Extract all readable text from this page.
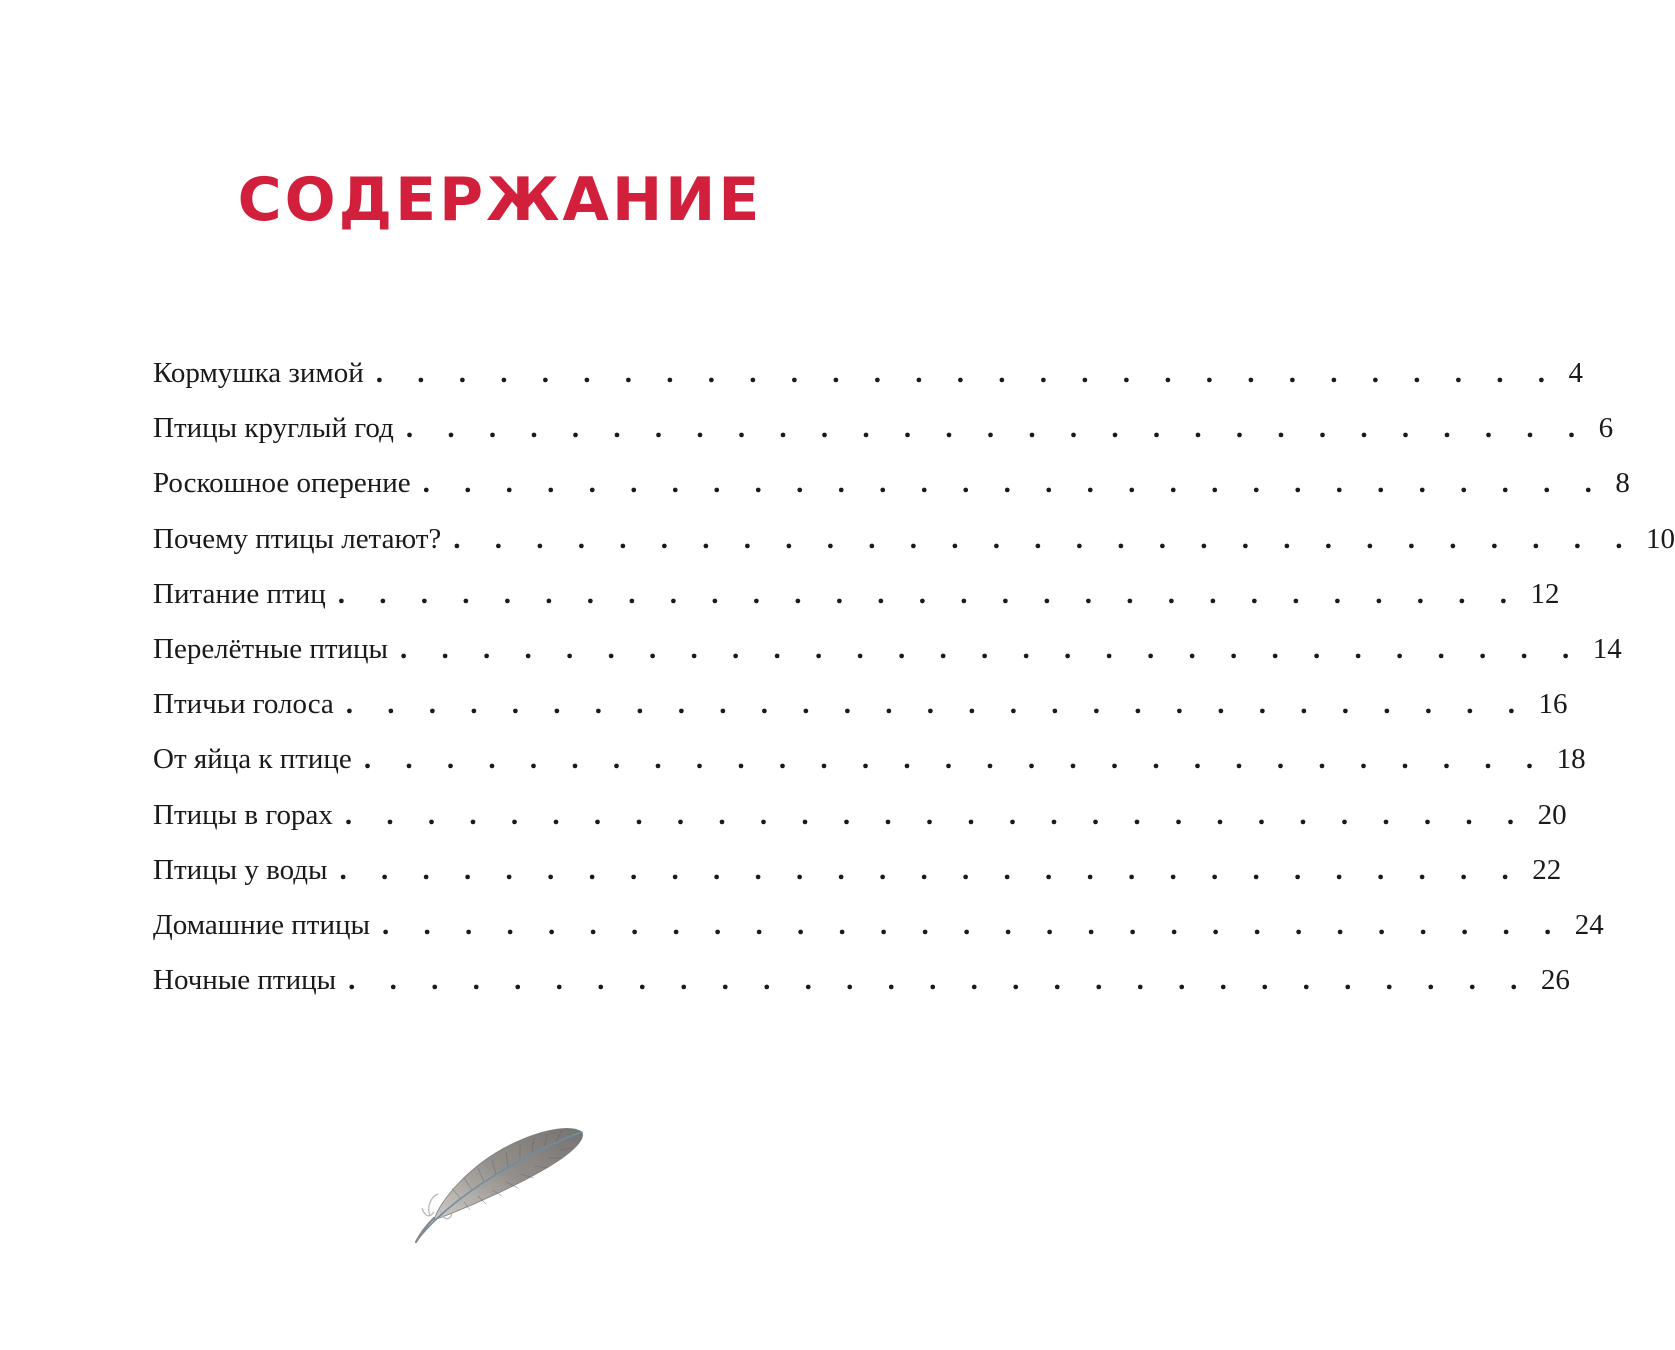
СОДЕРЖАНИЕ
Кормушка зимой . . . . . . . . . . . . . . . . . . . . . . . . . . . . . 4
Птицы круглый год . . . . . . . . . . . . . . . . . . . . . . . . . . . . . 6
Роскошное оперение . . . . . . . . . . . . . . . . . . . . . . . . . . . . . 8
Почему птицы летают? . . . . . . . . . . . . . . . . . . . . . . . . . . . . . 10
Питание птиц . . . . . . . . . . . . . . . . . . . . . . . . . . . . . 12
Перелётные птицы . . . . . . . . . . . . . . . . . . . . . . . . . . . . . 14
Птичьи голоса . . . . . . . . . . . . . . . . . . . . . . . . . . . . . 16
От яйца к птице . . . . . . . . . . . . . . . . . . . . . . . . . . . . . 18
Птицы в горах . . . . . . . . . . . . . . . . . . . . . . . . . . . . . 20
Птицы у воды . . . . . . . . . . . . . . . . . . . . . . . . . . . . . 22
Домашние птицы . . . . . . . . . . . . . . . . . . . . . . . . . . . . . 24
Ночные птицы . . . . . . . . . . . . . . . . . . . . . . . . . . . . . 26
